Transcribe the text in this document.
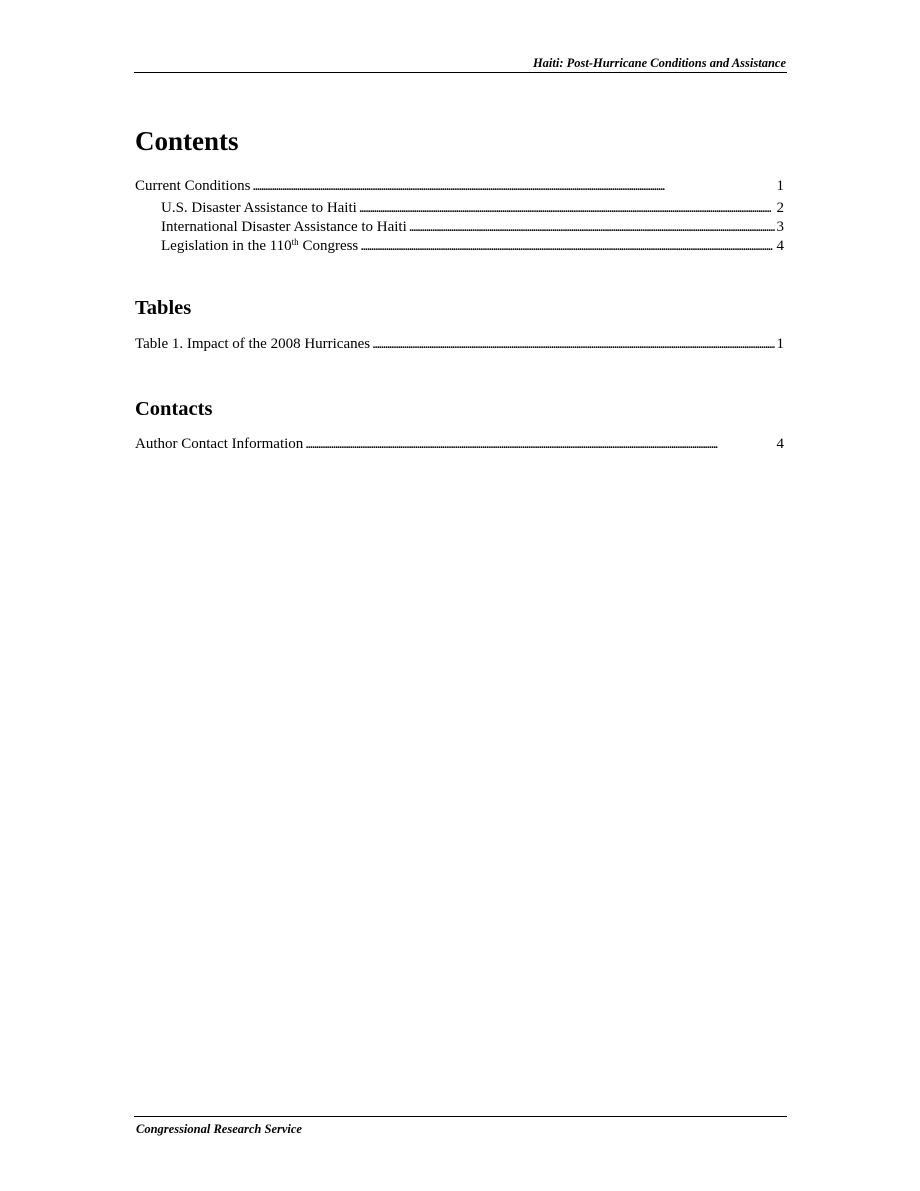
Haiti: Post-Hurricane Conditions and Assistance
Contents
Current Conditions . . .	1
U.S. Disaster Assistance to Haiti . . .	2
International Disaster Assistance to Haiti . . .	3
Legislation in the 110th Congress . . .	4
Tables
Table 1. Impact of the 2008 Hurricanes . . .	1
Contacts
Author Contact Information . . .	4
Congressional Research Service
